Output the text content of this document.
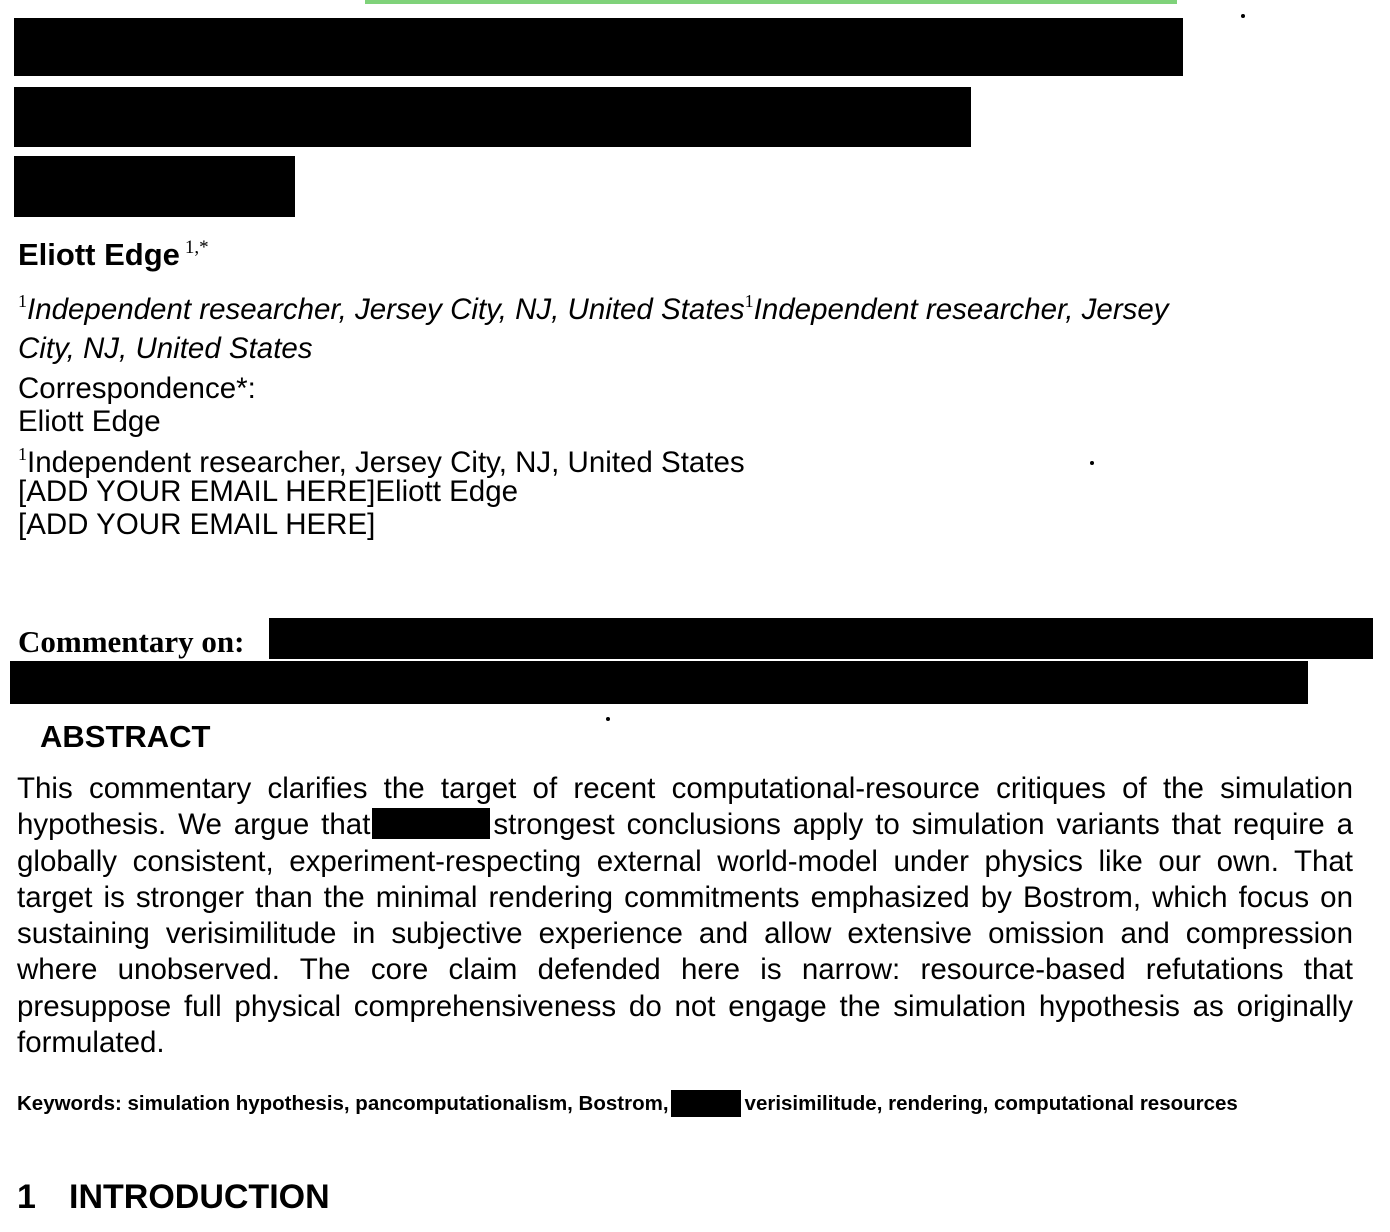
Eliott Edge $^{1,*}$
$^1$Independent researcher, Jersey City, NJ, United States$^1$Independent researcher, Jersey City, NJ, United States
Correspondence*:
Eliott Edge
$^1$Independent researcher, Jersey City, NJ, United States
[ADD YOUR EMAIL HERE]Eliott Edge
[ADD YOUR EMAIL HERE]
Commentary on:
ABSTRACT
This commentary clarifies the target of recent computational-resource critiques of the simulation hypothesis. We argue that	strongest conclusions apply to simulation variants that require a globally consistent, experiment-respecting external world-model under physics like our own. That target is stronger than the minimal rendering commitments emphasized by Bostrom, which focus on sustaining verisimilitude in subjective experience and allow extensive omission and compression where unobserved. The core claim defended here is narrow: resource-based refutations that presuppose full physical comprehensiveness do not engage the simulation hypothesis as originally formulated.
Keywords: simulation hypothesis, pancomputationalism, Bostrom,	verisimilitude, rendering, computational resources
1 INTRODUCTION
